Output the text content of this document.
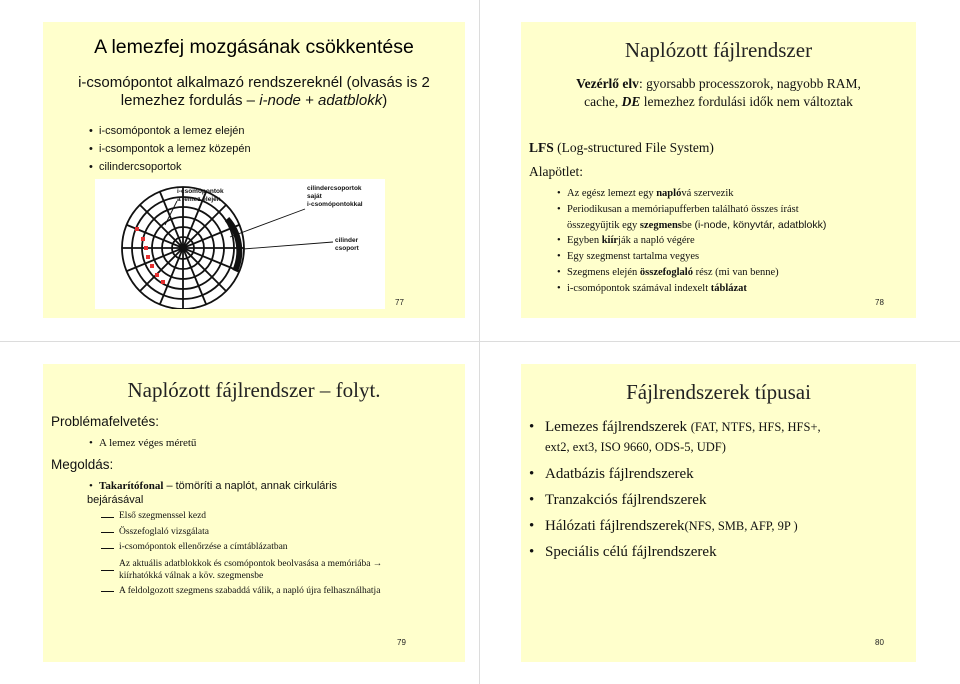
A lemezfej mozgásának csökkentése
i-csomópontot alkalmazó rendszereknél (olvasás is 2
lemezhez fordulás – i-node + adatblokk)
• i-csomópontok a lemez elején
• i-csompontok a lemez közepén
• cilindercsoportok
i-csomópontok
a lemez elején
cilindercsoportok
saját
i-csomópontokkal
cilinder
csoport
77
Naplózott fájlrendszer
Vezérlő elv: gyorsabb processzorok, nagyobb RAM,
cache, DE lemezhez fordulási idők nem változtak
LFS (Log-structured File System)
Alapötlet:
• Az egész lemezt egy naplóvá szervezik
• Periodikusan a memóriapufferben található összes írást
összegyűjtik egy szegmensbe (i-node, könyvtár, adatblokk)
• Egyben kiírják a napló végére
• Egy szegmenst tartalma vegyes
• Szegmens elején összefoglaló rész (mi van benne)
• i-csomópontok számával indexelt táblázat
78
Naplózott fájlrendszer – folyt.
Problémafelvetés:
• A lemez véges méretű
Megoldás:
• Takarítófonal – tömöríti a naplót, annak cirkuláris
bejárásával
Első szegmenssel kezd
Összefoglaló vizsgálata
i-csomópontok ellenőrzése a címtáblázatban
Az aktuális adatblokkok és csomópontok beolvasása a memóriába →
kiírhatókká válnak a köv. szegmensbe
A feldolgozott szegmens szabaddá válik, a napló újra felhasználhatja
79
Fájlrendszerek típusai
• Lemezes fájlrendszerek (FAT, NTFS, HFS, HFS+,
ext2, ext3, ISO 9660, ODS-5, UDF)
• Adatbázis fájlrendszerek
• Tranzakciós fájlrendszerek
• Hálózati fájlrendszerek(NFS, SMB, AFP, 9P )
• Speciális célú fájlrendszerek
80
